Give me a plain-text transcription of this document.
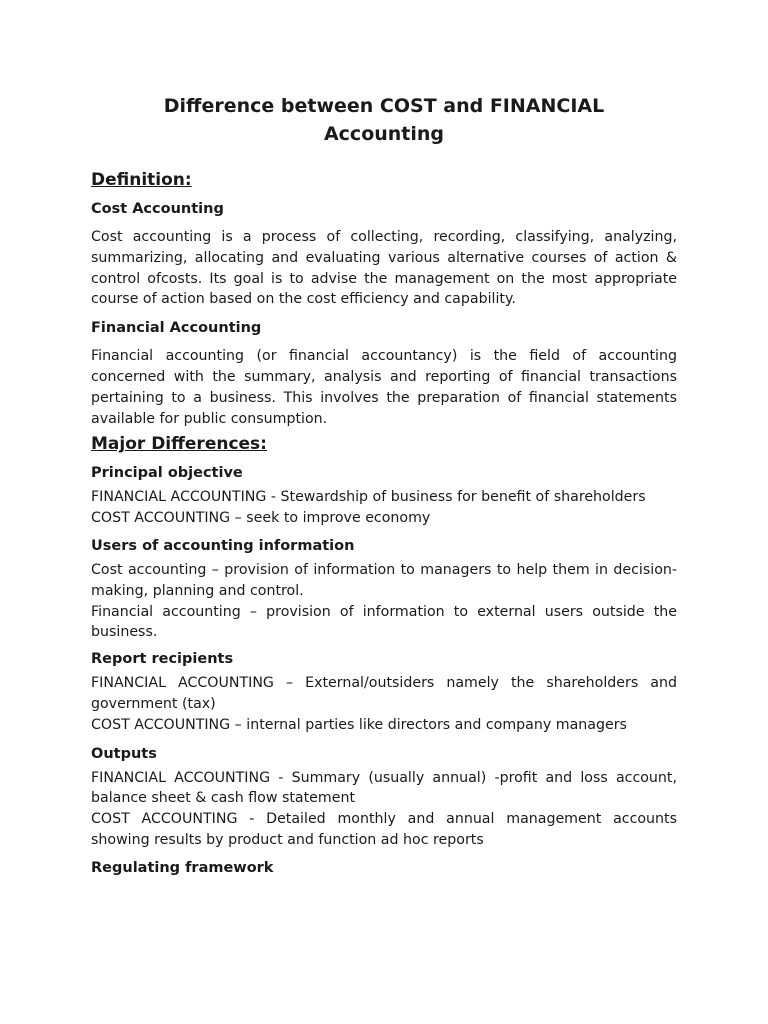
Difference between COST and FINANCIAL Accounting
Definition:
Cost Accounting

Cost accounting is a process of collecting, recording, classifying, analyzing, summarizing, allocating and evaluating various alternative courses of action & control ofcosts. Its goal is to advise the management on the most appropriate course of action based on the cost efficiency and capability.

Financial Accounting

Financial accounting (or financial accountancy) is the field of accounting concerned with the summary, analysis and reporting of financial transactions pertaining to a business. This involves the preparation of financial statements available for public consumption.

Major Differences:
Principal objective

FINANCIAL ACCOUNTING - Stewardship of business for benefit of shareholders

COST ACCOUNTING – seek to improve economy

Users of accounting information

Cost accounting – provision of information to managers to help them in decision-making, planning and control.

Financial accounting – provision of information to external users outside the business.

Report recipients

FINANCIAL ACCOUNTING – External/outsiders namely the shareholders and government (tax)

COST ACCOUNTING – internal parties like directors and company managers

Outputs

FINANCIAL ACCOUNTING - Summary (usually annual) -profit and loss account, balance sheet & cash flow statement

COST ACCOUNTING - Detailed monthly and annual management accounts showing results by product and function ad hoc reports

Regulating framework
